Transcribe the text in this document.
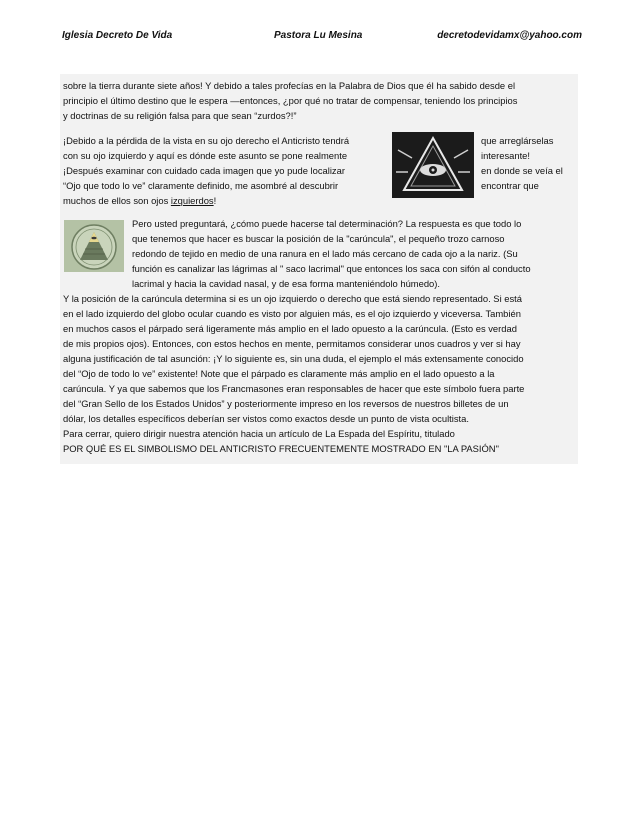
Iglesia Decreto De Vida	Pastora Lu Mesina	decretodevidamx@yahoo.com
sobre la tierra durante siete años! Y debido a tales profecías en la Palabra de Dios que él ha sabido desde el
principio el último destino que le espera —entonces, ¿por qué no tratar de compensar, teniendo los principios
y doctrinas de su religión falsa para que sean “zurdos?!”
¡Debido a la pérdida de la vista en su ojo derecho el Anticristo tendrá
con su ojo izquierdo y aquí es dónde este asunto se pone realmente
¡Después examinar con cuidado cada imagen que yo pude localizar
“Ojo que todo lo ve” claramente definido, me asombré al descubrir
muchos de ellos son ojos izquierdos!
que arreglárselas
interesante!
en donde se veía el
encontrar que
Pero usted preguntará, ¿cómo puede hacerse tal determinación? La respuesta es que todo lo
que tenemos que hacer es buscar la posición de la "carúncula", el pequeño trozo carnoso
redondo de tejido en medio de una ranura en el lado más cercano de cada ojo a la nariz. (Su
función es canalizar las lágrimas al " saco lacrimal" que entonces los saca con sifón al conducto
lacrimal y hacia la cavidad nasal, y de esa forma manteniéndolo húmedo).
Y la posición de la carúncula determina si es un ojo izquierdo o derecho que está siendo representado. Si está
en el lado izquierdo del globo ocular cuando es visto por alguien más, es el ojo izquierdo y viceversa. También
en muchos casos el párpado será ligeramente más amplio en el lado opuesto a la carúncula. (Esto es verdad
de mis propios ojos). Entonces, con estos hechos en mente, permitamos considerar unos cuadros y ver si hay
alguna justificación de tal asunción: ¡Y lo siguiente es, sin una duda, el ejemplo el más extensamente conocido
del “Ojo de todo lo ve” existente! Note que el párpado es claramente más amplio en el lado opuesto a la
carúncula. Y ya que sabemos que los Francmasones eran responsables de hacer que este símbolo fuera parte
del “Gran Sello de los Estados Unidos” y posteriormente impreso en los reversos de nuestros billetes de un
dólar, los detalles específicos deberían ser vistos como exactos desde un punto de vista ocultista.
Para cerrar, quiero dirigir nuestra atención hacia un artículo de La Espada del Espíritu, titulado
POR QUÉ ES EL SIMBOLISMO DEL ANTICRISTO FRECUENTEMENTE MOSTRADO EN "LA PASIÓN"
